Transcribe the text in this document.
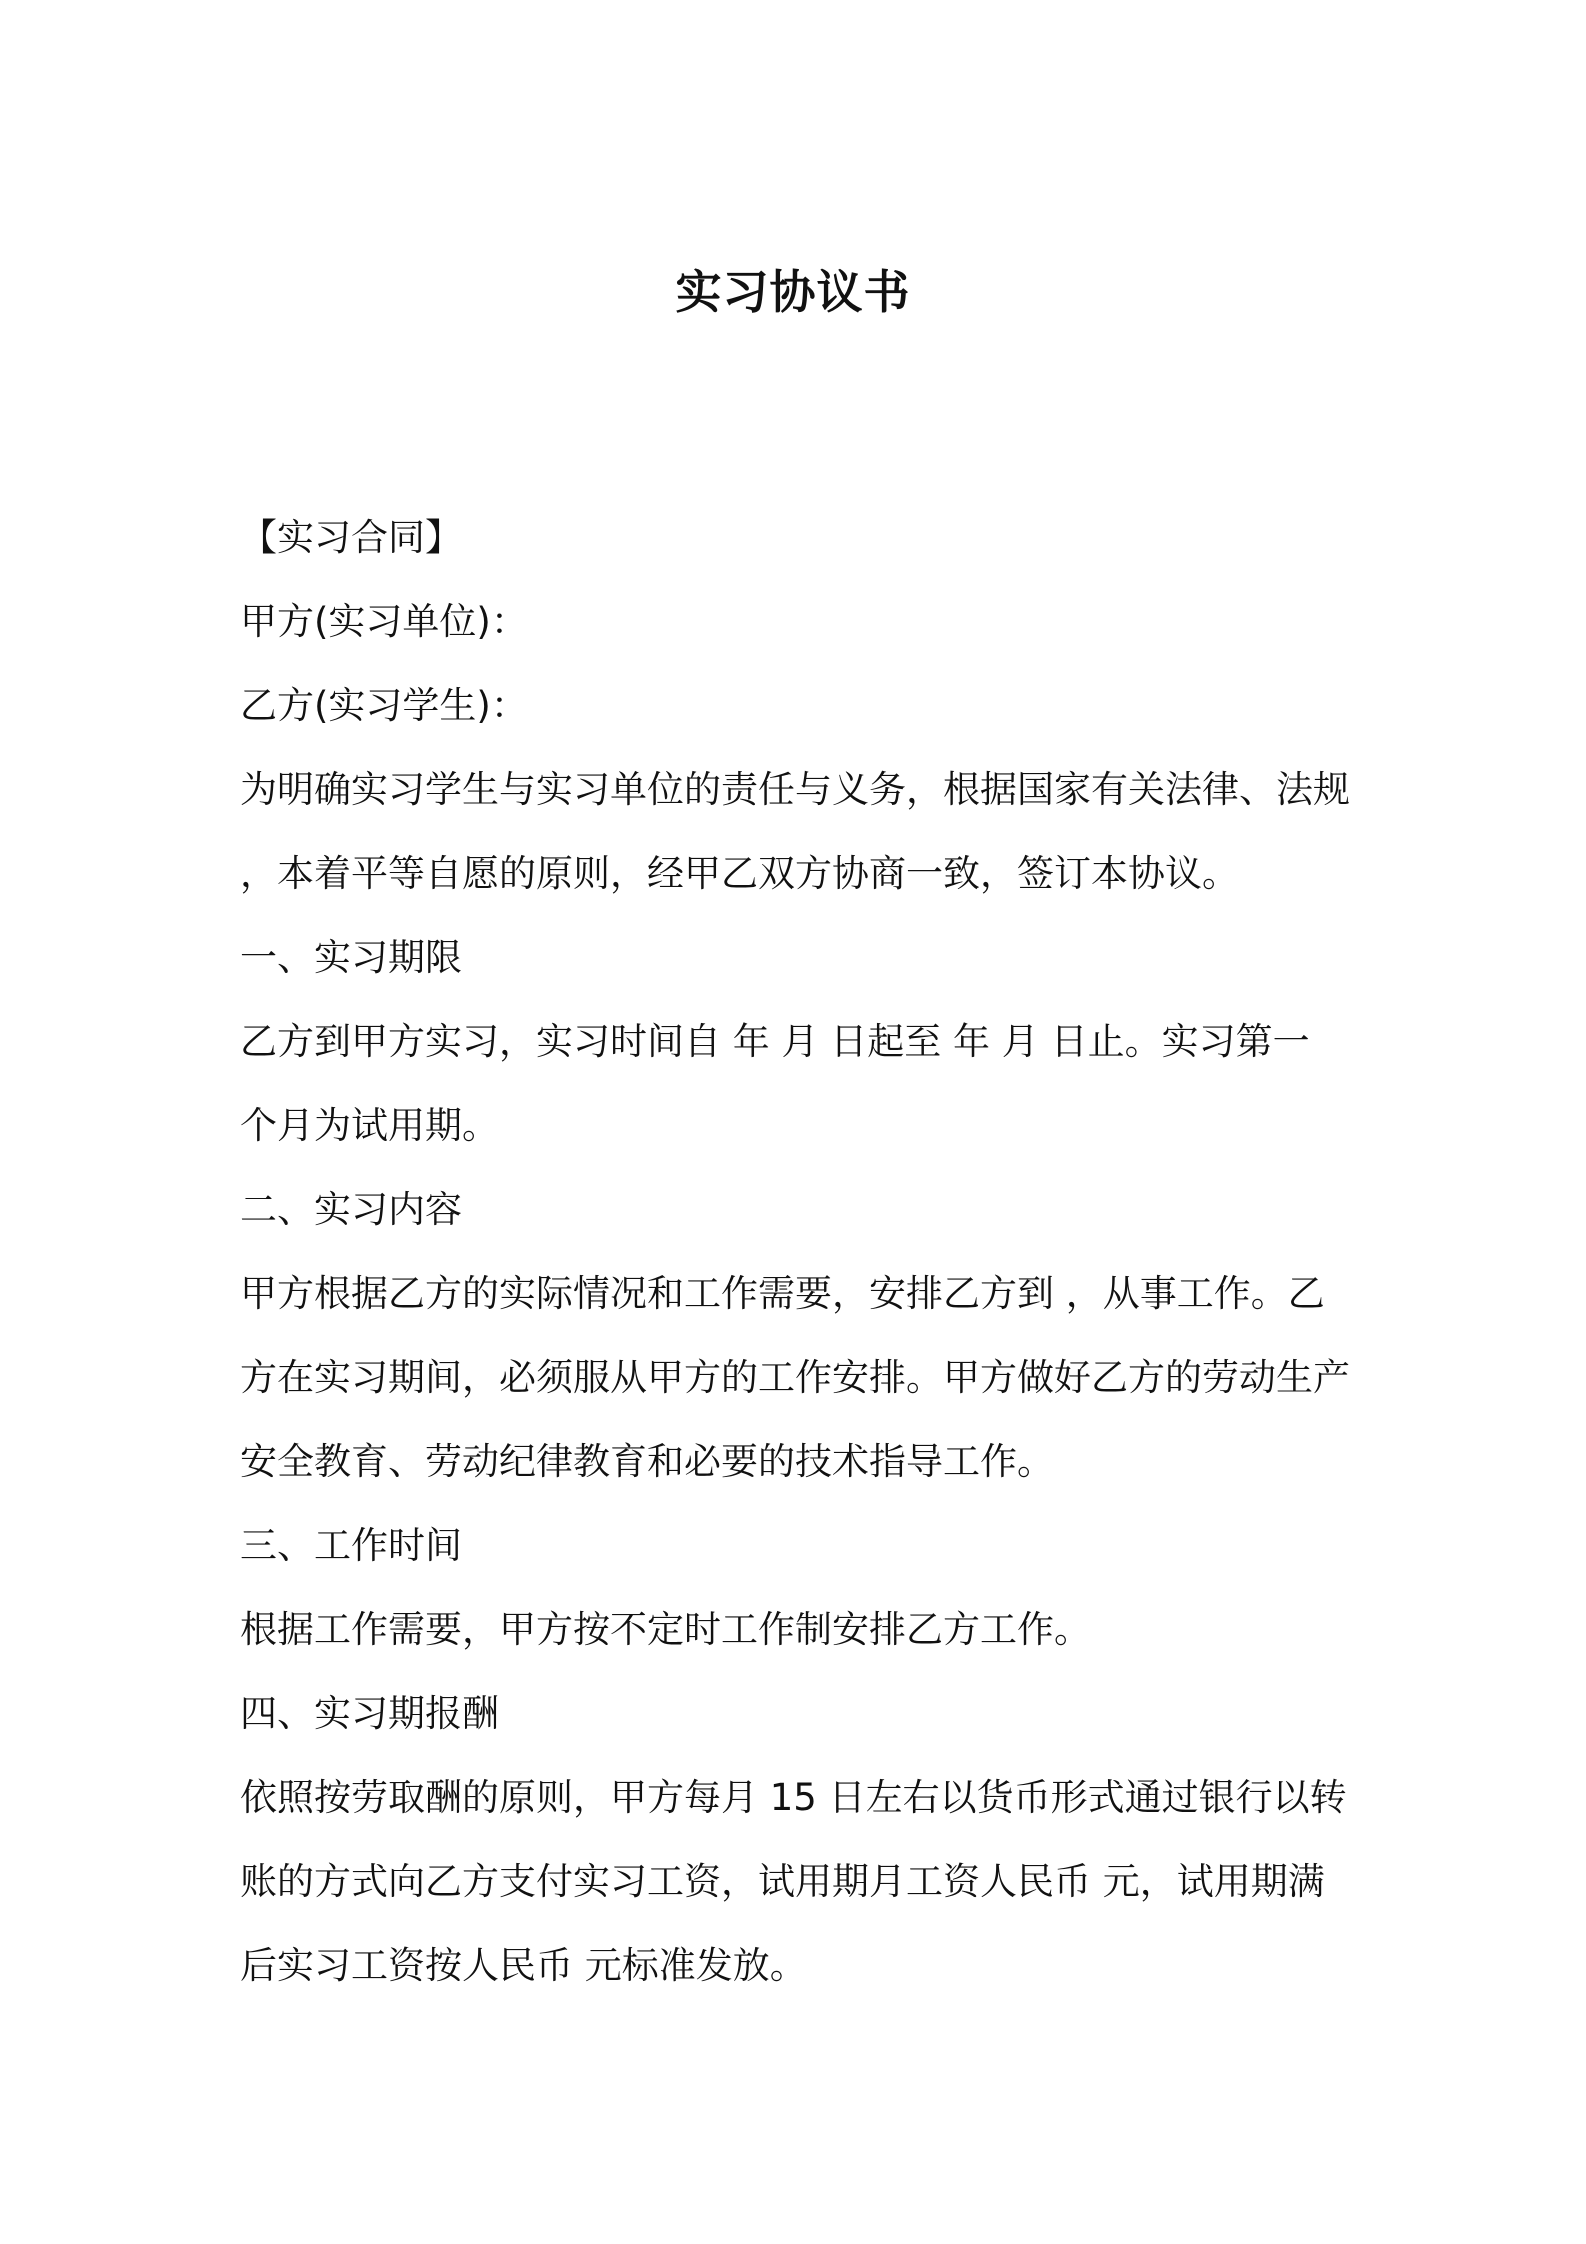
实习协议书
【实习合同】
甲方(实习单位)：
乙方(实习学生)：
为明确实习学生与实习单位的责任与义务，根据国家有关法律、法规
，本着平等自愿的原则，经甲乙双方协商一致，签订本协议。
一、实习期限
乙方到甲方实习，实习时间自 年 月 日起至 年 月 日止。实习第一
个月为试用期。
二、实习内容
甲方根据乙方的实际情况和工作需要，安排乙方到 ，从事工作。乙
方在实习期间，必须服从甲方的工作安排。甲方做好乙方的劳动生产
安全教育、劳动纪律教育和必要的技术指导工作。
三、工作时间
根据工作需要，甲方按不定时工作制安排乙方工作。
四、实习期报酬
依照按劳取酬的原则，甲方每月 15 日左右以货币形式通过银行以转
账的方式向乙方支付实习工资，试用期月工资人民币 元，试用期满
后实习工资按人民币 元标准发放。
